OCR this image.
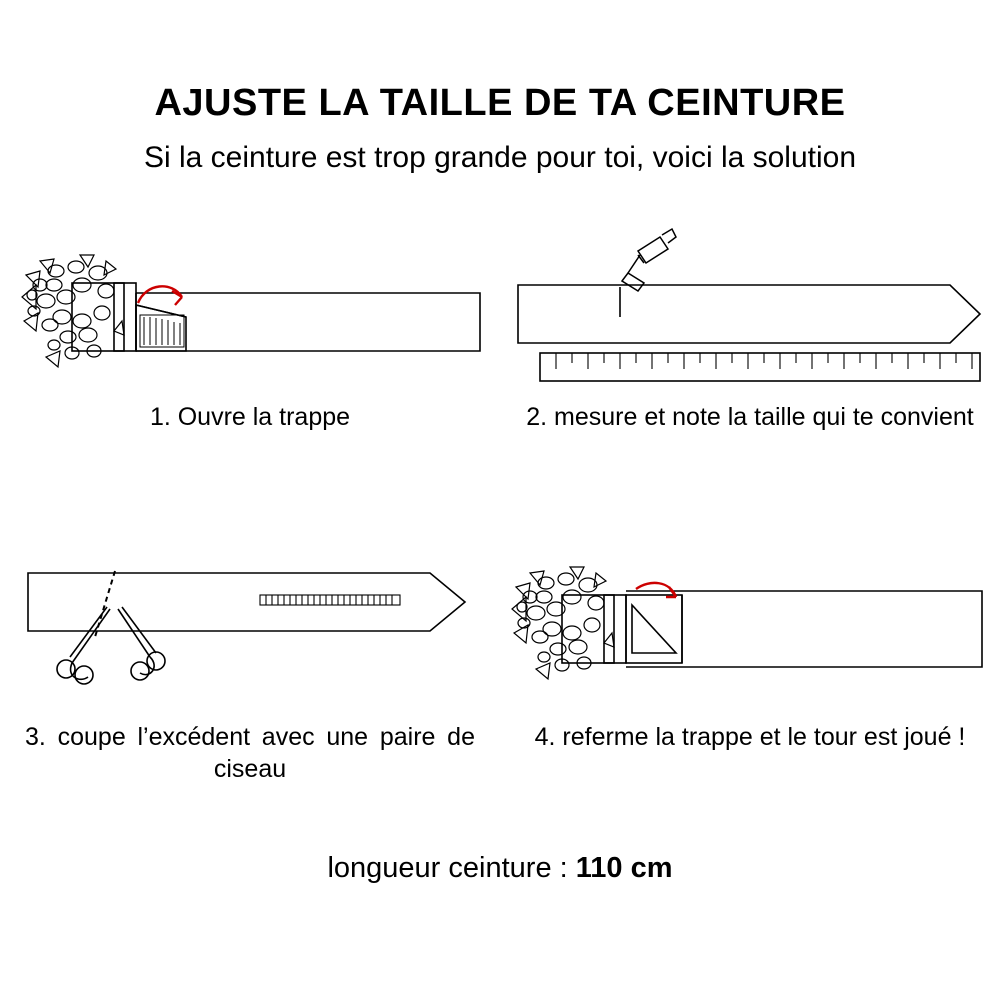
AJUSTE LA TAILLE DE TA CEINTURE
Si la ceinture est trop grande pour toi, voici la solution
1. Ouvre la trappe	2. mesure et note la taille qui te convient
3. coupe l’excédent avec une paire de ciseau
4. referme la trappe et le tour est joué !
longueur ceinture : 110 cm
